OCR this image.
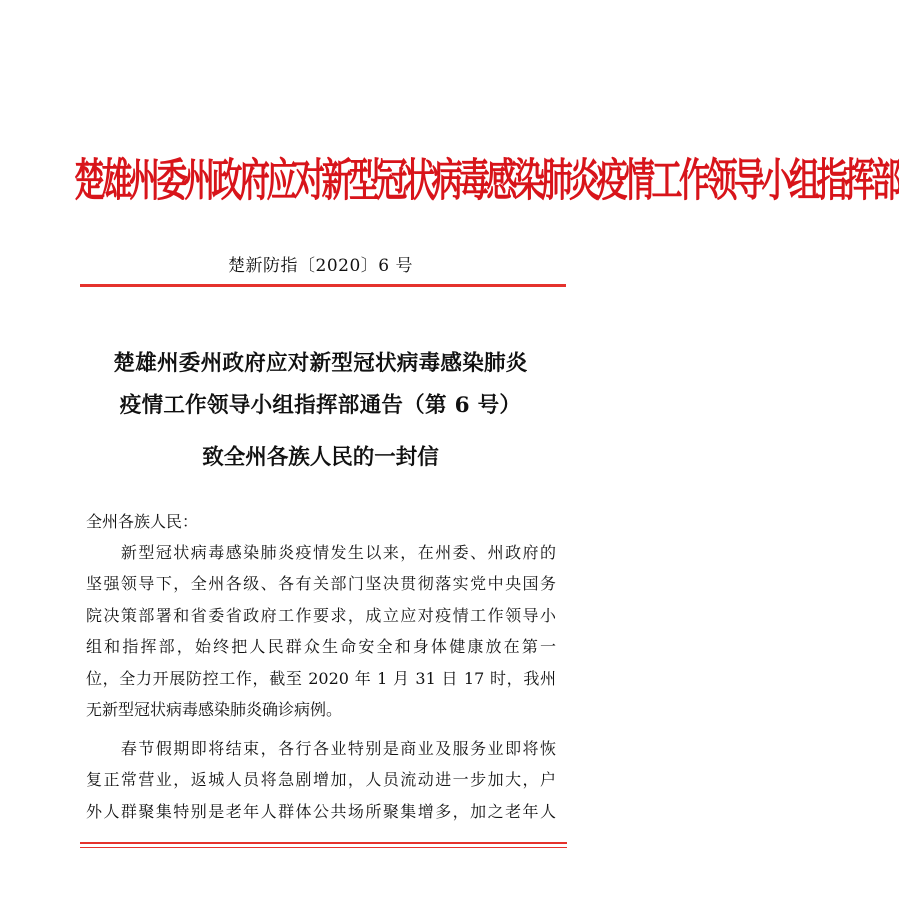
楚雄州委州政府应对新型冠状病毒感染肺炎疫情工作领导小组指挥部
楚新防指〔2020〕6 号
楚雄州委州政府应对新型冠状病毒感染肺炎
疫情工作领导小组指挥部通告（第 6 号）
致全州各族人民的一封信
全州各族人民：
　　新型冠状病毒感染肺炎疫情发生以来，在州委、州政府的
坚强领导下，全州各级、各有关部门坚决贯彻落实党中央国务
院决策部署和省委省政府工作要求，成立应对疫情工作领导小
组和指挥部，始终把人民群众生命安全和身体健康放在第一
位，全力开展防控工作，截至 2020 年 1 月 31 日 17 时，我州
无新型冠状病毒感染肺炎确诊病例。
　　春节假期即将结束，各行各业特别是商业及服务业即将恢
复正常营业，返城人员将急剧增加，人员流动进一步加大，户
外人群聚集特别是老年人群体公共场所聚集增多，加之老年人
